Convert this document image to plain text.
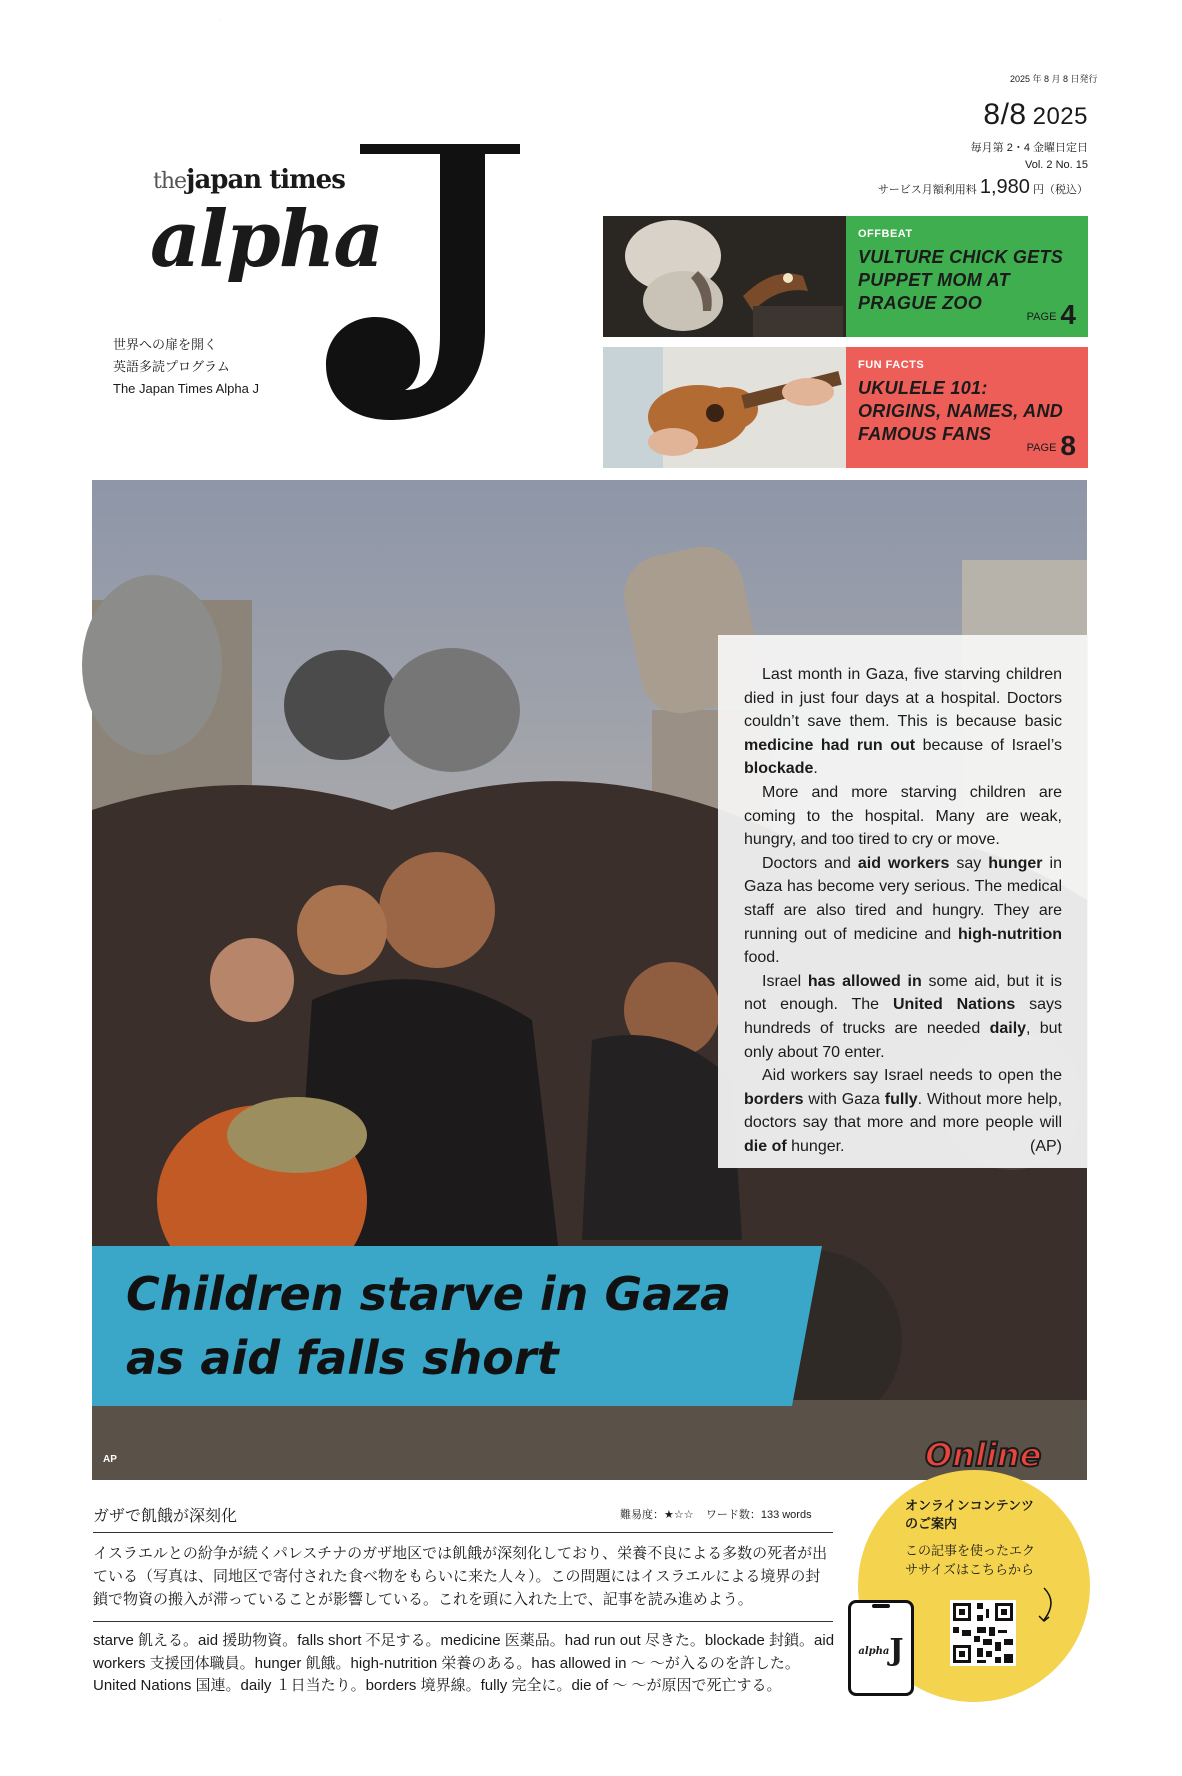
2025 年 8 月 8 日発行
8/8 2025
毎月第 2・4 金曜日定日
Vol. 2 No. 15
サービス月額利用料 1,980 円（税込）
thejapan times
alpha
J
世界への扉を開く
英語多読プログラム
The Japan Times Alpha J
OFFBEAT
VULTURE CHICK GETS PUPPET MOM AT PRAGUE ZOO
PAGE 4
FUN FACTS
UKULELE 101: ORIGINS, NAMES, AND FAMOUS FANS
PAGE 8

Last month in Gaza, five starving children died in just four days at a hospital. Doctors couldn’t save them. This is because basic medicine had run out because of Israel’s blockade.

More and more starving children are coming to the hospital. Many are weak, hungry, and too tired to cry or move.

Doctors and aid workers say hunger in Gaza has become very serious. The medical staff are also tired and hungry. They are running out of medicine and high-nutrition food.

Israel has allowed in some aid, but it is not enough. The United Nations says hundreds of trucks are needed daily, but only about 70 enter.

Aid workers say Israel needs to open the borders with Gaza fully. Without more help, doctors say that more and more people will die of hunger.	(AP)

Children starve in Gaza
as aid falls short
AP
ガザで飢餓が深刻化	難易度：★☆☆ ワード数：133 words
イスラエルとの紛争が続くパレスチナのガザ地区では飢餓が深刻化しており、栄養不良による多数の死者が出ている（写真は、同地区で寄付された食べ物をもらいに来た人々）。この問題にはイスラエルによる境界の封鎖で物資の搬入が滞っていることが影響している。これを頭に入れた上で、記事を読み進めよう。
starve 飢える。aid 援助物資。falls short 不足する。medicine 医薬品。had run out 尽きた。blockade 封鎖。aid workers 支援団体職員。hunger 飢餓。high-nutrition 栄養のある。has allowed in 〜 〜が入るのを許した。United Nations 国連。daily １日当たり。borders 境界線。fully 完全に。die of 〜 〜が原因で死亡する。
Online
オンラインコンテンツ
のご案内
この記事を使ったエク
ササイズはこちらから
alpha J
